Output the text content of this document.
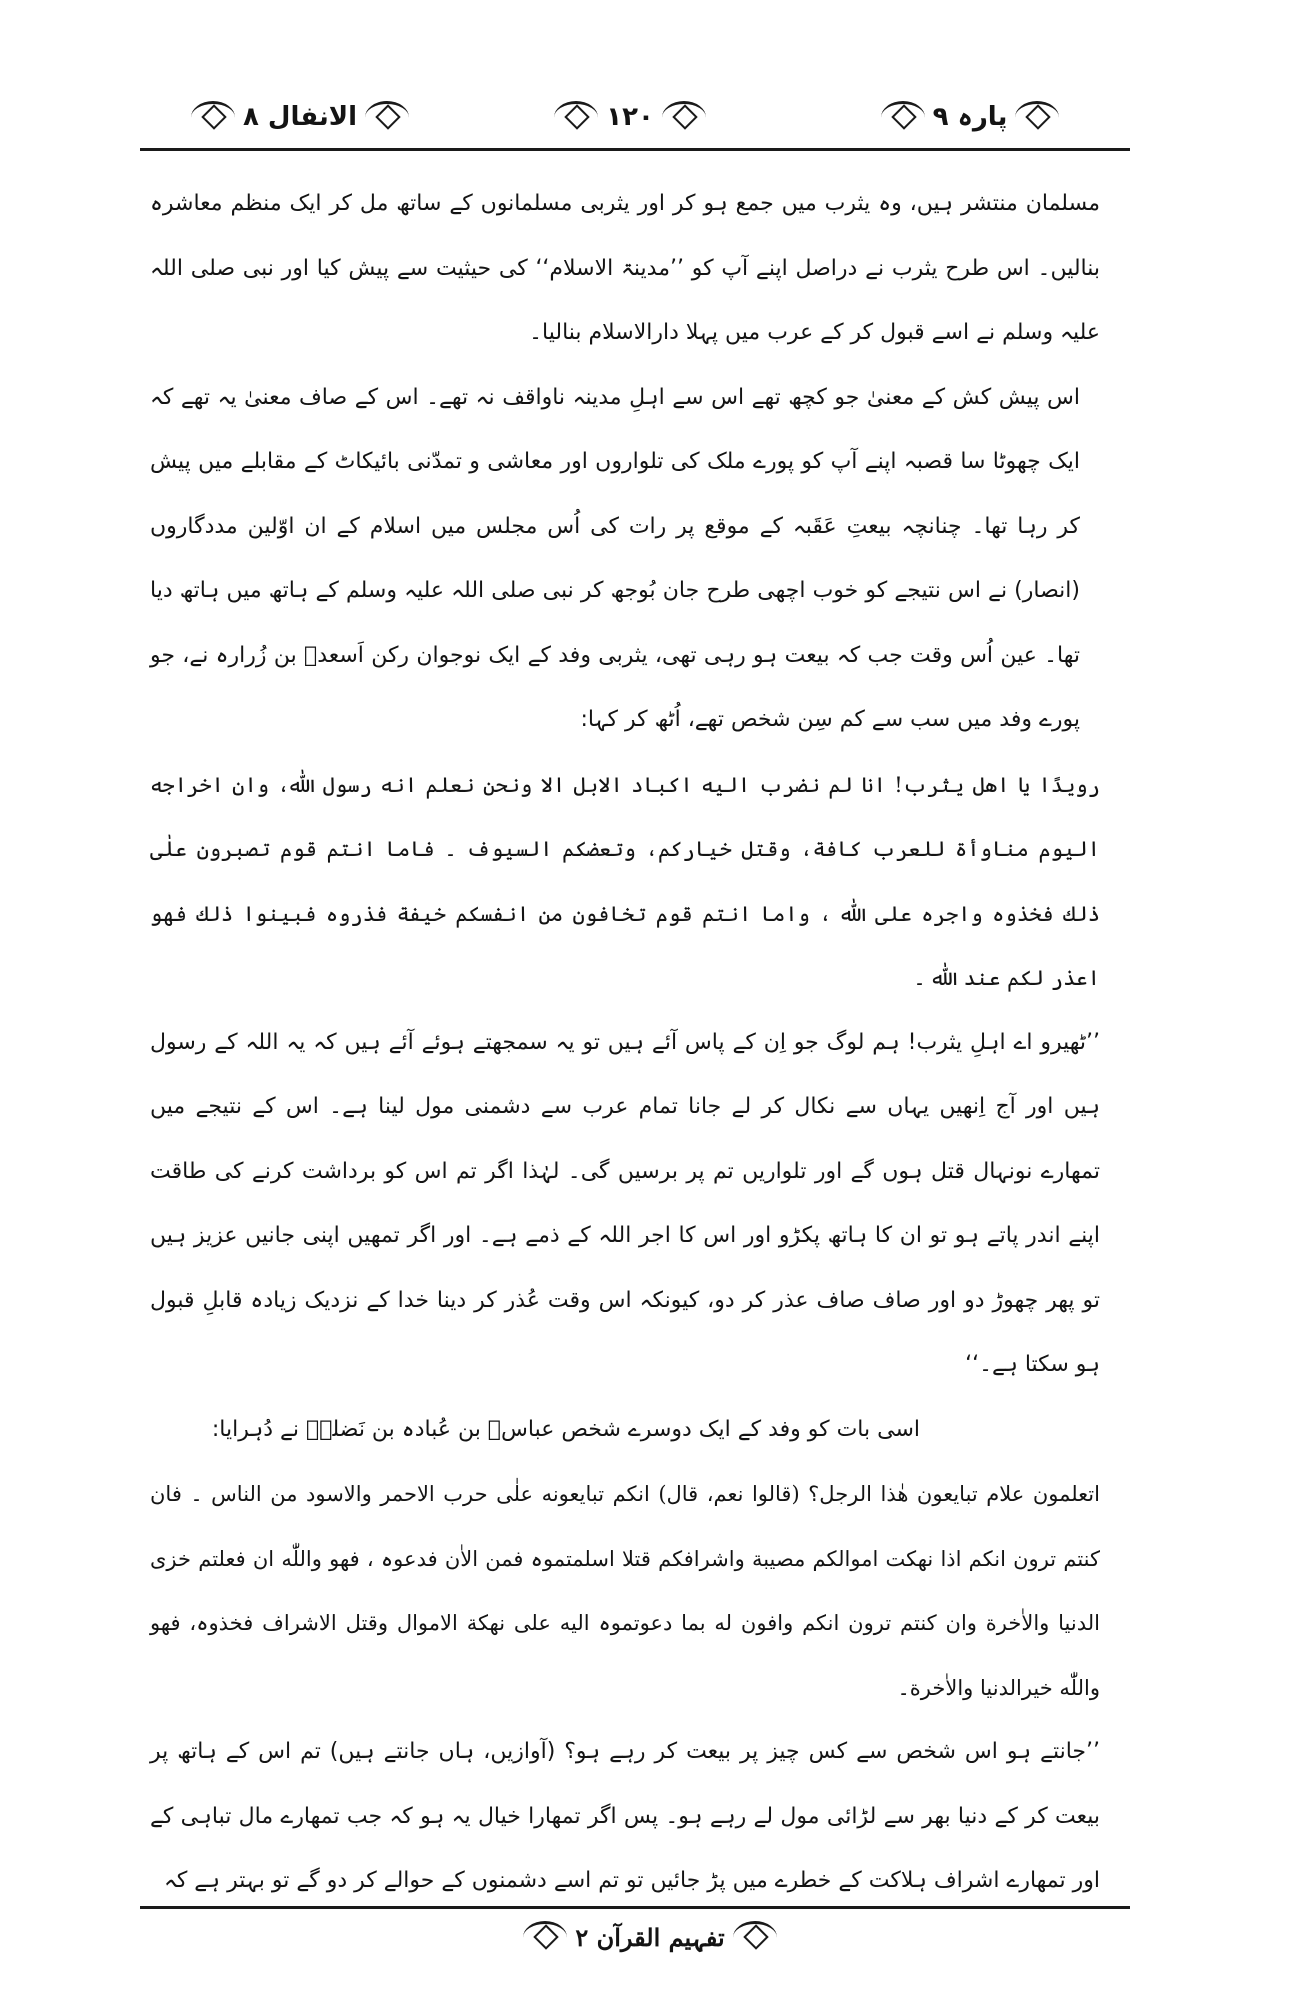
پارہ ۹
۱۲۰
الانفال ۸

مسلمان منتشر ہیں، وہ یثرب میں جمع ہو کر اور یثربی مسلمانوں کے ساتھ مل کر ایک منظم معاشرہ بنالیں۔ اس طرح یثرب نے دراصل اپنے آپ کو ’’مدینۃ الاسلام‘‘ کی حیثیت سے پیش کیا اور نبی صلی اللہ علیہ وسلم نے اسے قبول کر کے عرب میں پہلا دارالاسلام بنالیا۔

اس پیش کش کے معنیٰ جو کچھ تھے اس سے اہلِ مدینہ ناواقف نہ تھے۔ اس کے صاف معنیٰ یہ تھے کہ ایک چھوٹا سا قصبہ اپنے آپ کو پورے ملک کی تلواروں اور معاشی و تمدّنی بائیکاٹ کے مقابلے میں پیش کر رہا تھا۔ چنانچہ بیعتِ عَقَبہ کے موقع پر رات کی اُس مجلس میں اسلام کے ان اوّلین مددگاروں (انصار) نے اس نتیجے کو خوب اچھی طرح جان بُوجھ کر نبی صلی اللہ علیہ وسلم کے ہاتھ میں ہاتھ دیا تھا۔ عین اُس وقت جب کہ بیعت ہو رہی تھی، یثربی وفد کے ایک نوجوان رکن اَسعدؓ بن زُرارہ نے، جو پورے وفد میں سب سے کم سِن شخص تھے، اُٹھ کر کہا:

رویدًا یا اھل یثرب! انا لم نضرب الیه اکباد الابل الا ونحن نعلم انه رسول اللّٰه، وان اخراجه الیوم مناوأة للعرب کافة، وقتل خیارکم، وتعضکم السیوف ۔ فاما انتم قوم تصبرون علٰی ذٰلك فخذوه واجره علی اللّٰه ، واما انتم قوم تخافون من انفسکم خیفة فذروه فبینوا ذٰلك فھو اعذر لکم عند اللّٰه ۔

’’ٹھیرو اے اہلِ یثرب! ہم لوگ جو اِن کے پاس آئے ہیں تو یہ سمجھتے ہوئے آئے ہیں کہ یہ اللہ کے رسول ہیں اور آج اِنھیں یہاں سے نکال کر لے جانا تمام عرب سے دشمنی مول لینا ہے۔ اس کے نتیجے میں تمھارے نونہال قتل ہوں گے اور تلواریں تم پر برسیں گی۔ لہٰذا اگر تم اس کو برداشت کرنے کی طاقت اپنے اندر پاتے ہو تو ان کا ہاتھ پکڑو اور اس کا اجر اللہ کے ذمے ہے۔ اور اگر تمھیں اپنی جانیں عزیز ہیں تو پھر چھوڑ دو اور صاف صاف عذر کر دو، کیونکہ اس وقت عُذر کر دینا خدا کے نزدیک زیادہ قابلِ قبول ہو سکتا ہے۔‘‘

اسی بات کو وفد کے ایک دوسرے شخص عباسؓ بن عُبادہ بن نَضلہؓ نے دُہرایا:

اتعلمون علام تبایعون ھٰذا الرجل؟ (قالوا نعم، قال) انکم تبایعونه علٰی حرب الاحمر والاسود من الناس ۔ فان کنتم ترون انکم اذا نھکت اموالکم مصیبة واشرافکم قتلا اسلمتموہ فمن الاٰن فدعوہ ، فھو واللّٰه ان فعلتم خزی الدنیا والاٰخرة وان کنتم ترون انکم وافون له بما دعوتموہ الیه علی نھکة الاموال وقتل الاشراف فخذوہ، فھو واللّٰه خیرالدنیا والاٰخرة۔

’’جانتے ہو اس شخص سے کس چیز پر بیعت کر رہے ہو؟ (آوازیں، ہاں جانتے ہیں) تم اس کے ہاتھ پر بیعت کر کے دنیا بھر سے لڑائی مول لے رہے ہو۔ پس اگر تمھارا خیال یہ ہو کہ جب تمھارے مال تباہی کے اور تمھارے اشراف ہلاکت کے خطرے میں پڑ جائیں تو تم اسے دشمنوں کے حوالے کر دو گے تو بہتر ہے کہ

تفہیم القرآن ۲
